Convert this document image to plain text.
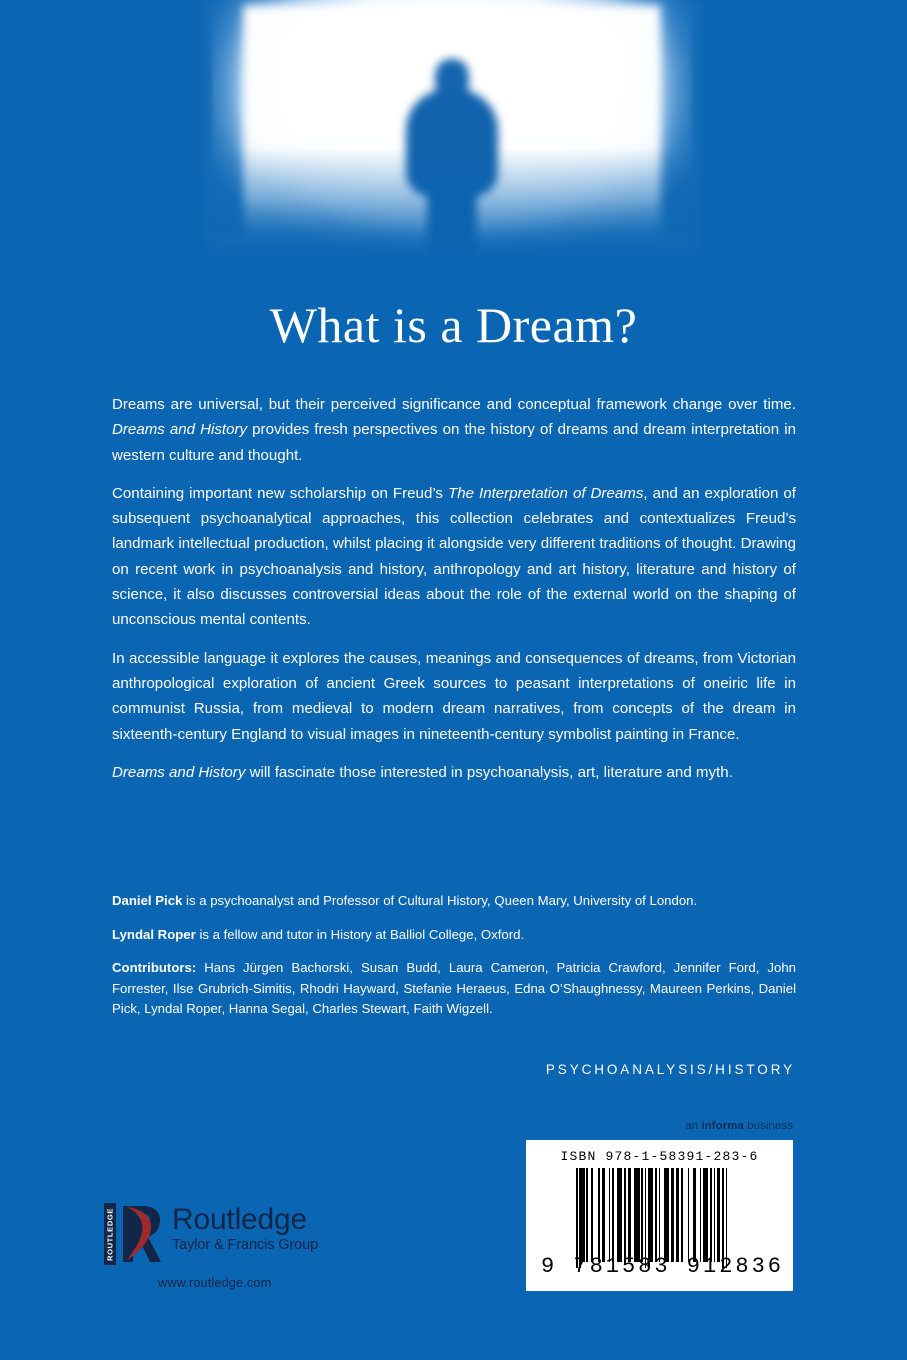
What is a Dream?

Dreams are universal, but their perceived significance and conceptual framework change over time. Dreams and History provides fresh perspectives on the history of dreams and dream interpretation in western culture and thought.

Containing important new scholarship on Freud’s The Interpretation of Dreams, and an exploration of subsequent psychoanalytical approaches, this collection celebrates and contextualizes Freud’s landmark intellectual production, whilst placing it alongside very different traditions of thought. Drawing on recent work in psychoanalysis and history, anthropology and art history, literature and history of science, it also discusses controversial ideas about the role of the external world on the shaping of unconscious mental contents.

In accessible language it explores the causes, meanings and consequences of dreams, from Victorian anthropological exploration of ancient Greek sources to peasant interpretations of oneiric life in communist Russia, from medieval to modern dream narratives, from concepts of the dream in sixteenth-century England to visual images in nineteenth-century symbolist painting in France.

Dreams and History will fascinate those interested in psychoanalysis, art, literature and myth.

Daniel Pick is a psychoanalyst and Professor of Cultural History, Queen Mary, University of London.

Lyndal Roper is a fellow and tutor in History at Balliol College, Oxford.

Contributors: Hans Jürgen Bachorski, Susan Budd, Laura Cameron, Patricia Crawford, Jennifer Ford, John Forrester, Ilse Grubrich-Simitis, Rhodri Hayward, Stefanie Heraeus, Edna O’Shaughnessy, Maureen Perkins, Daniel Pick, Lyndal Roper, Hanna Segal, Charles Stewart, Faith Wigzell.

PSYCHOANALYSIS/HISTORY
an informa business
ISBN 978-1-58391-283-6
9 781583 912836
ROUTLEDGE Routledge
Taylor & Francis Group
www.routledge.com
